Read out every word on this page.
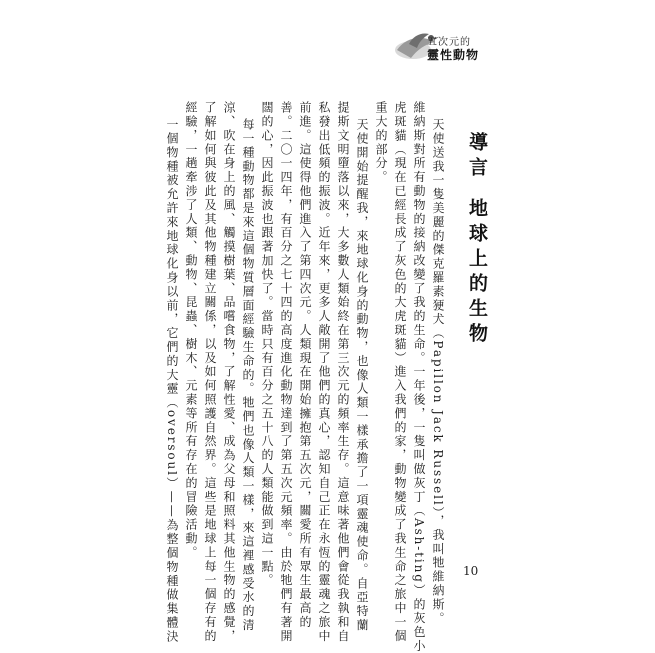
五次元的
靈性動物
導言地球上的生物
天使送我一隻美麗的傑克羅素㹴犬（Papillon Jack Russell），我叫牠維納斯。
維納斯對所有動物的接納改變了我的生命。一年後，一隻叫做灰丁（Ash-ting）的灰色小
虎斑貓（現在已經長成了灰色的大虎斑貓）進入我們的家，動物變成了我生命之旅中一個
重大的部分。
天使開始提醒我，來地球化身的動物，也像人類一樣承擔了一項靈魂使命。自亞特蘭
提斯文明墮落以來，大多數人類始終在第三次元的頻率生存。這意味著他們會從我執和自
私發出低頻的振波。近年來，更多人敞開了他們的真心，認知自己正在永恆的靈魂之旅中
前進。這使得他們進入了第四次元。人類現在開始擁抱第五次元，關愛所有眾生最高的
善。二〇一四年，有百分之七十四的高度進化動物達到了第五次元頻率。由於牠們有著開
闊的心，因此振波也跟著加快了。當時只有百分之五十八的人類能做到這一點。
每一種動物都是來這個物質層面經驗生命的。牠們也像人類一樣，來這裡感受水的清
涼、吹在身上的風、觸摸樹葉、品嚐食物，了解性愛、成為父母和照料其他生物的感覺，
了解如何與彼此及其他物種建立關係，以及如何照護自然界。這些是地球上每一個存有的
經驗，一趟牽涉了人類、動物、昆蟲、樹木、元素等所有存在的冒險活動。
一個物種被允許來地球化身以前，它們的大靈（oversoul）——為整個物種做集體決	10
